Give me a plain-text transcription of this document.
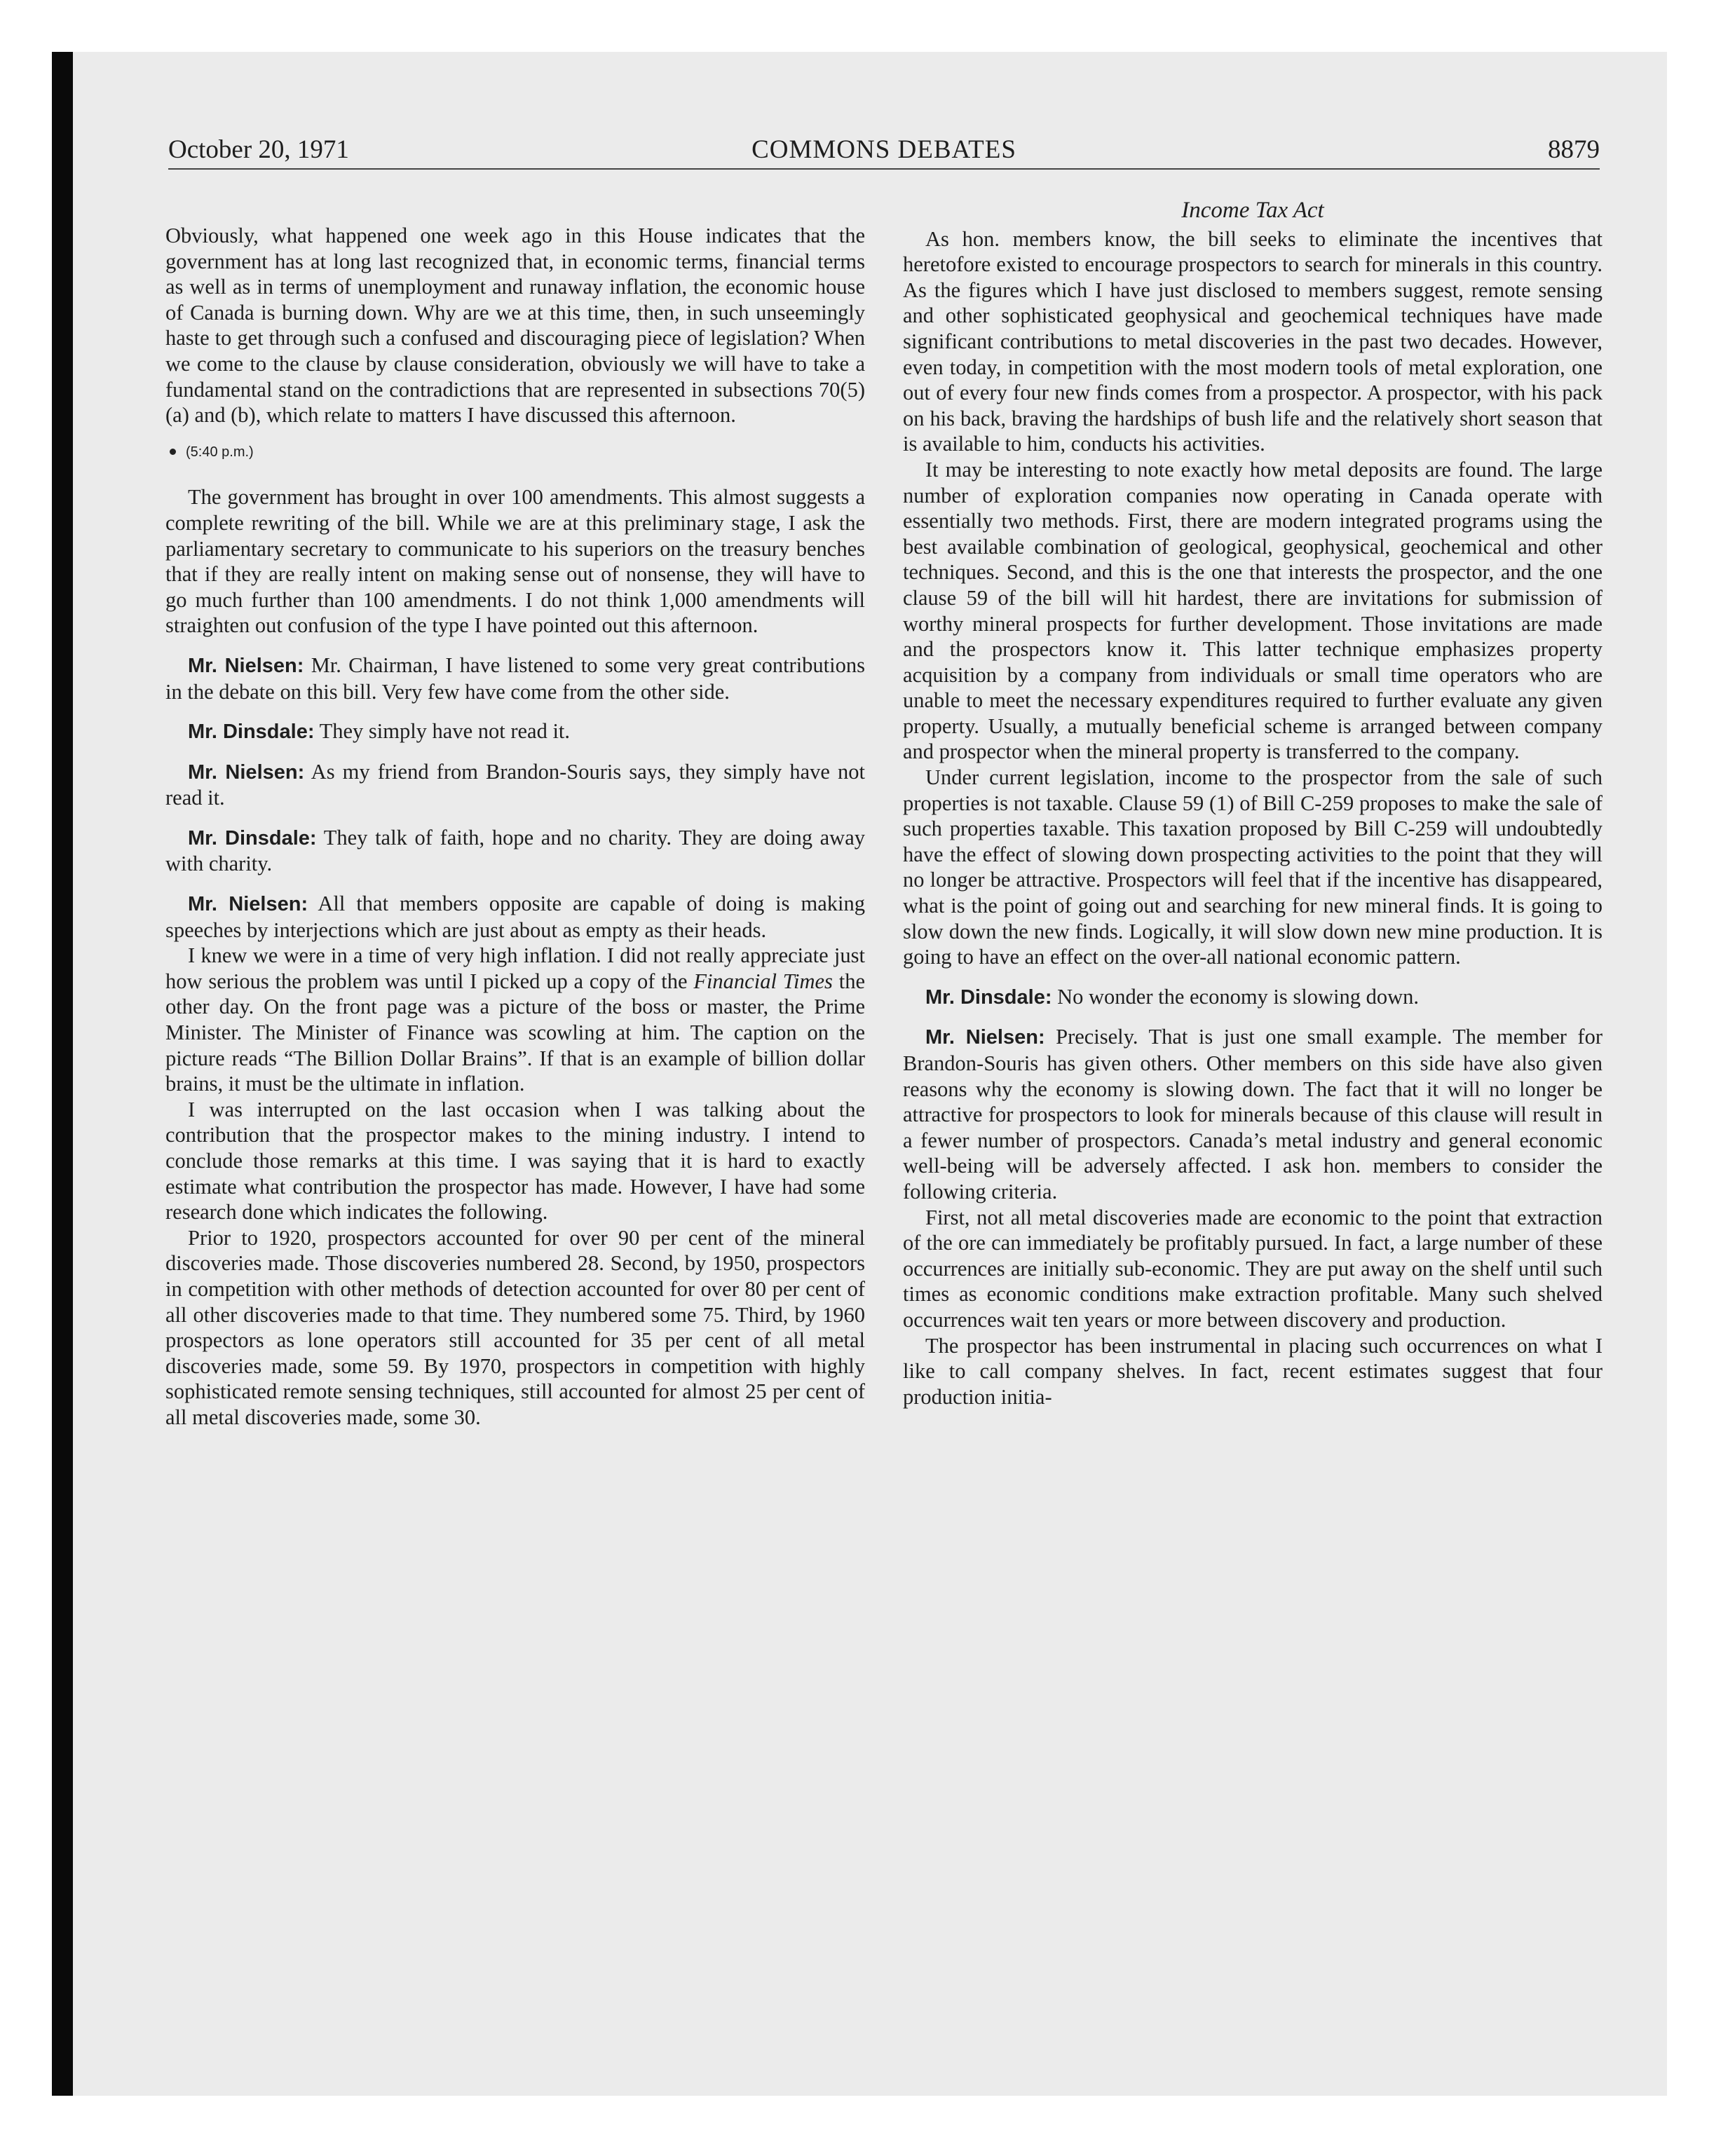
October 20, 1971	COMMONS DEBATES	8879

Obviously, what happened one week ago in this House indicates that the government has at long last recognized that, in economic terms, financial terms as well as in terms of unemployment and runaway inflation, the economic house of Canada is burning down. Why are we at this time, then, in such unseemingly haste to get through such a confused and discouraging piece of legislation? When we come to the clause by clause consideration, obviously we will have to take a fundamental stand on the contradictions that are represented in subsections 70(5)(a) and (b), which relate to matters I have discussed this afternoon.

(5:40 p.m.)

The government has brought in over 100 amendments. This almost suggests a complete rewriting of the bill. While we are at this preliminary stage, I ask the parliamentary secretary to communicate to his superiors on the treasury benches that if they are really intent on making sense out of nonsense, they will have to go much further than 100 amendments. I do not think 1,000 amendments will straighten out confusion of the type I have pointed out this afternoon.

Mr. Nielsen: Mr. Chairman, I have listened to some very great contributions in the debate on this bill. Very few have come from the other side.

Mr. Dinsdale: They simply have not read it.

Mr. Nielsen: As my friend from Brandon-Souris says, they simply have not read it.

Mr. Dinsdale: They talk of faith, hope and no charity. They are doing away with charity.

Mr. Nielsen: All that members opposite are capable of doing is making speeches by interjections which are just about as empty as their heads.

I knew we were in a time of very high inflation. I did not really appreciate just how serious the problem was until I picked up a copy of the Financial Times the other day. On the front page was a picture of the boss or master, the Prime Minister. The Minister of Finance was scowling at him. The caption on the picture reads “The Billion Dollar Brains”. If that is an example of billion dollar brains, it must be the ultimate in inflation.

I was interrupted on the last occasion when I was talking about the contribution that the prospector makes to the mining industry. I intend to conclude those remarks at this time. I was saying that it is hard to exactly estimate what contribution the prospector has made. However, I have had some research done which indicates the following.

Prior to 1920, prospectors accounted for over 90 per cent of the mineral discoveries made. Those discoveries numbered 28. Second, by 1950, prospectors in competition with other methods of detection accounted for over 80 per cent of all other discoveries made to that time. They numbered some 75. Third, by 1960 prospectors as lone operators still accounted for 35 per cent of all metal discoveries made, some 59. By 1970, prospectors in competition with highly sophisticated remote sensing techniques, still accounted for almost 25 per cent of all metal discoveries made, some 30.

Income Tax Act

As hon. members know, the bill seeks to eliminate the incentives that heretofore existed to encourage prospectors to search for minerals in this country. As the figures which I have just disclosed to members suggest, remote sensing and other sophisticated geophysical and geochemical techniques have made significant contributions to metal discoveries in the past two decades. However, even today, in competition with the most modern tools of metal exploration, one out of every four new finds comes from a prospector. A prospector, with his pack on his back, braving the hardships of bush life and the relatively short season that is available to him, conducts his activities.

It may be interesting to note exactly how metal deposits are found. The large number of exploration companies now operating in Canada operate with essentially two methods. First, there are modern integrated programs using the best available combination of geological, geophysical, geochemical and other techniques. Second, and this is the one that interests the prospector, and the one clause 59 of the bill will hit hardest, there are invitations for submission of worthy mineral prospects for further development. Those invitations are made and the prospectors know it. This latter technique emphasizes property acquisition by a company from individuals or small time operators who are unable to meet the necessary expenditures required to further evaluate any given property. Usually, a mutually beneficial scheme is arranged between company and prospector when the mineral property is transferred to the company.

Under current legislation, income to the prospector from the sale of such properties is not taxable. Clause 59 (1) of Bill C-259 proposes to make the sale of such properties taxable. This taxation proposed by Bill C-259 will undoubtedly have the effect of slowing down prospecting activities to the point that they will no longer be attractive. Prospectors will feel that if the incentive has disappeared, what is the point of going out and searching for new mineral finds. It is going to slow down the new finds. Logically, it will slow down new mine production. It is going to have an effect on the over-all national economic pattern.

Mr. Dinsdale: No wonder the economy is slowing down.

Mr. Nielsen: Precisely. That is just one small example. The member for Brandon-Souris has given others. Other members on this side have also given reasons why the economy is slowing down. The fact that it will no longer be attractive for prospectors to look for minerals because of this clause will result in a fewer number of prospectors. Canada’s metal industry and general economic well-being will be adversely affected. I ask hon. members to consider the following criteria.

First, not all metal discoveries made are economic to the point that extraction of the ore can immediately be profitably pursued. In fact, a large number of these occurrences are initially sub-economic. They are put away on the shelf until such times as economic conditions make extraction profitable. Many such shelved occurrences wait ten years or more between discovery and production.

The prospector has been instrumental in placing such occurrences on what I like to call company shelves. In fact, recent estimates suggest that four production initia-
